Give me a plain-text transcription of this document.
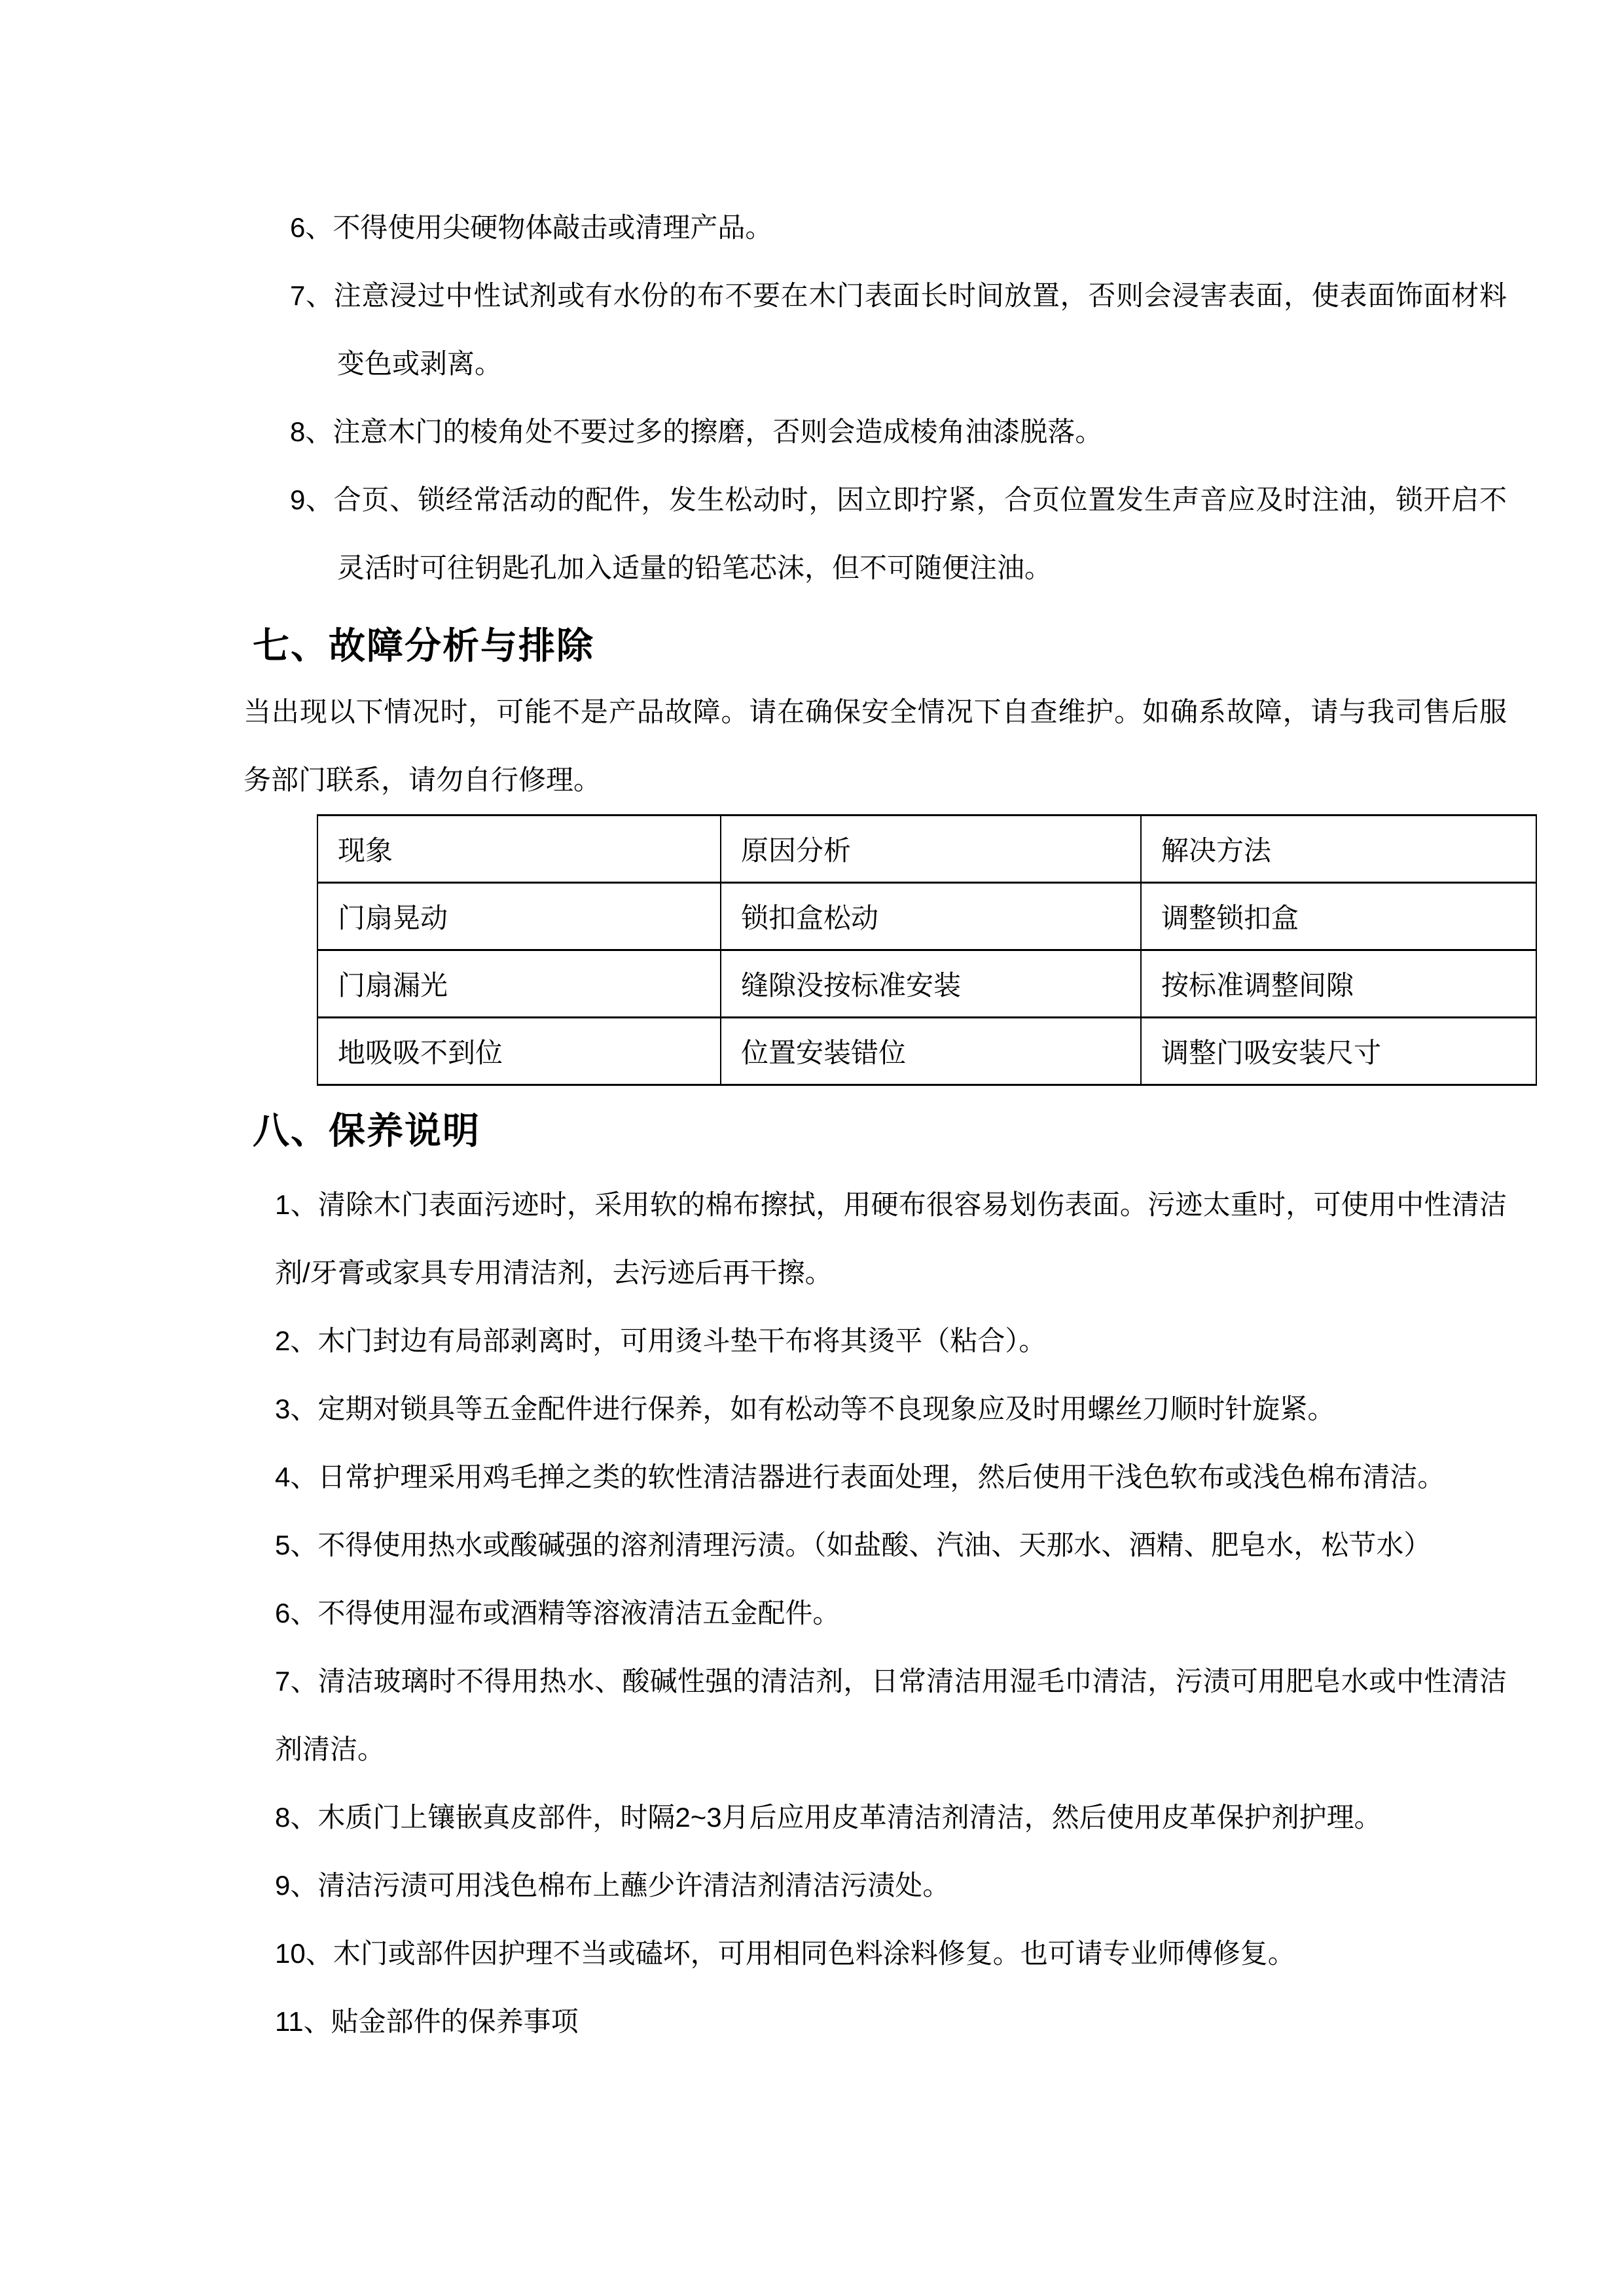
6、不得使用尖硬物体敲击或清理产品。
7、注意浸过中性试剂或有水份的布不要在木门表面长时间放置，否则会浸害表面，使表面饰面材料变色或剥离。
8、注意木门的棱角处不要过多的擦磨，否则会造成棱角油漆脱落。
9、合页、锁经常活动的配件，发生松动时，因立即拧紧，合页位置发生声音应及时注油，锁开启不灵活时可往钥匙孔加入适量的铅笔芯沫，但不可随便注油。
七、故障分析与排除
当出现以下情况时，可能不是产品故障。请在确保安全情况下自查维护。如确系故障，请与我司售后服务部门联系，请勿自行修理。
现象	原因分析	解决方法
门扇晃动	锁扣盒松动	调整锁扣盒
门扇漏光	缝隙没按标准安装	按标准调整间隙
地吸吸不到位	位置安装错位	调整门吸安装尺寸
八、保养说明
1、清除木门表面污迹时，采用软的棉布擦拭，用硬布很容易划伤表面。污迹太重时，可使用中性清洁剂/牙膏或家具专用清洁剂，去污迹后再干擦。
2、木门封边有局部剥离时，可用烫斗垫干布将其烫平（粘合）。
3、定期对锁具等五金配件进行保养，如有松动等不良现象应及时用螺丝刀顺时针旋紧。
4、日常护理采用鸡毛掸之类的软性清洁器进行表面处理，然后使用干浅色软布或浅色棉布清洁。
5、不得使用热水或酸碱强的溶剂清理污渍。（如盐酸、汽油、天那水、酒精、肥皂水，松节水）
6、不得使用湿布或酒精等溶液清洁五金配件。
7、清洁玻璃时不得用热水、酸碱性强的清洁剂，日常清洁用湿毛巾清洁，污渍可用肥皂水或中性清洁剂清洁。
8、木质门上镶嵌真皮部件，时隔2~3月后应用皮革清洁剂清洁，然后使用皮革保护剂护理。
9、清洁污渍可用浅色棉布上蘸少许清洁剂清洁污渍处。
10、木门或部件因护理不当或磕坏，可用相同色料涂料修复。也可请专业师傅修复。
11、贴金部件的保养事项
